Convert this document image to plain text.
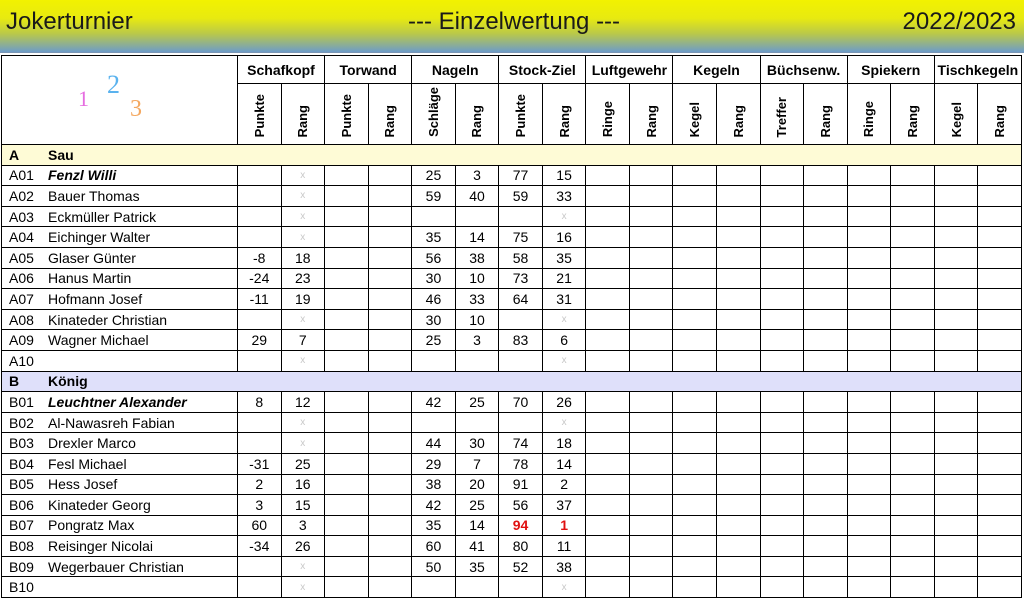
Jokerturnier	--- Einzelwertung ---	2022/2023
1 2
3		Schafkopf		Torwand		Nageln		Stock-Ziel		Luftgewehr		Kegeln		Büchsenw.		Spiekern		Tischkegeln	
		Punkte	Rang	Punkte	Rang	Schläge	Rang	Punkte	Rang	Ringe	Rang	Kegel	Rang	Treffer	Rang	Ringe	Rang	Kegel	Rang
A	Sau																		
A01	Fenzl Willi		x			25	3	77	15										
A02	Bauer Thomas		x			59	40	59	33										
A03	Eckmüller Patrick		x						x										
A04	Eichinger Walter		x			35	14	75	16										
A05	Glaser Günter	-8	18			56	38	58	35										
A06	Hanus Martin	-24	23			30	10	73	21										
A07	Hofmann Josef	-11	19			46	33	64	31										
A08	Kinateder Christian		x			30	10		x										
A09	Wagner Michael	29	7			25	3	83	6										
A10			x						x										
B	König																		
B01	Leuchtner Alexander	8	12			42	25	70	26										
B02	Al-Nawasreh Fabian		x						x										
B03	Drexler Marco		x			44	30	74	18										
B04	Fesl Michael	-31	25			29	7	78	14										
B05	Hess Josef	2	16			38	20	91	2										
B06	Kinateder Georg	3	15			42	25	56	37										
B07	Pongratz Max	60	3			35	14	94	1										
B08	Reisinger Nicolai	-34	26			60	41	80	11										
B09	Wegerbauer Christian		x			50	35	52	38										
B10			x						x										
